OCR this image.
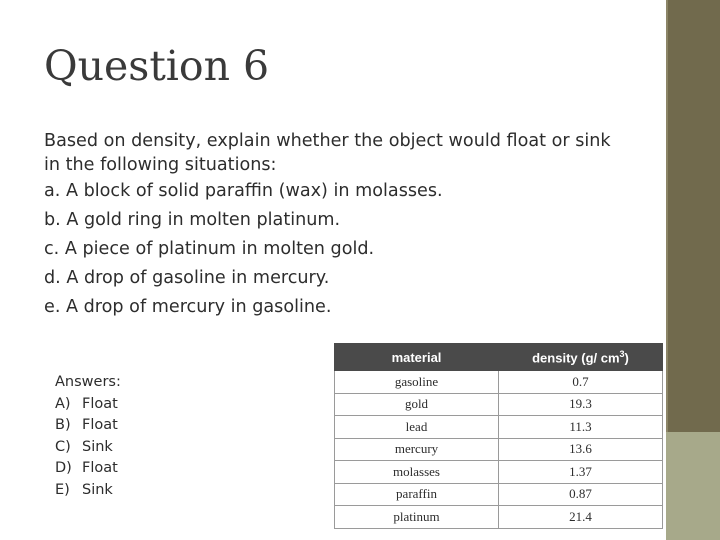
Question 6
Based on density, explain whether the object would float or sink
in the following situations:
a. A block of solid paraffin (wax) in molasses.
b. A gold ring in molten platinum.
c. A piece of platinum in molten gold.
d. A drop of gasoline in mercury.
e. A drop of mercury in gasoline.
Answers:
A) Float
B) Float
C) Sink
D) Float
E) Sink
material	density (g/ $cm^3$)
gasoline	0.7
gold	19.3
lead	11.3
mercury	13.6
molasses	1.37
paraffin	0.87
platinum	21.4
